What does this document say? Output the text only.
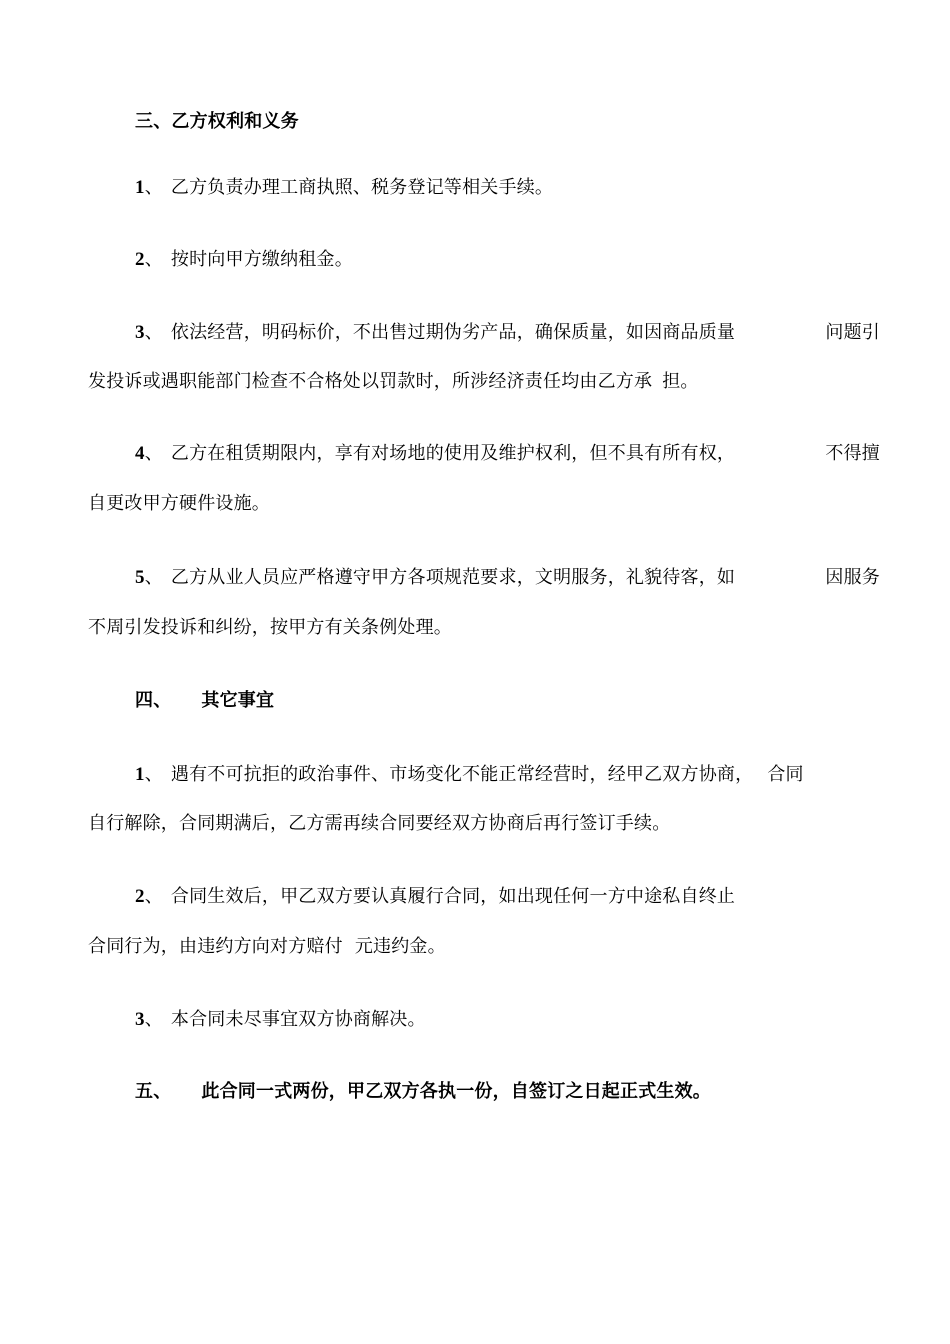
三、乙方权利和义务
1、 乙方负责办理工商执照、税务登记等相关手续。
2、 按时向甲方缴纳租金。
3、 依法经营，明码标价，不出售过期伪劣产品，确保质量，如因商品质量	问题引
发投诉或遇职能部门检查不合格处以罚款时，所涉经济责任均由乙方承 担。
4、 乙方在租赁期限内，享有对场地的使用及维护权利，但不具有所有权，	不得擅
自更改甲方硬件设施。
5、 乙方从业人员应严格遵守甲方各项规范要求，文明服务，礼貌待客，如	因服务
不周引发投诉和纠纷，按甲方有关条例处理。
四、 其它事宜
1、 遇有不可抗拒的政治事件、市场变化不能正常经营时，经甲乙双方协商， 合同
自行解除，合同期满后，乙方需再续合同要经双方协商后再行签订手续。
2、 合同生效后，甲乙双方要认真履行合同，如出现任何一方中途私自终止
合同行为，由违约方向对方赔付 元违约金。
3、 本合同未尽事宜双方协商解决。
五、 此合同一式两份，甲乙双方各执一份，自签订之日起正式生效。
